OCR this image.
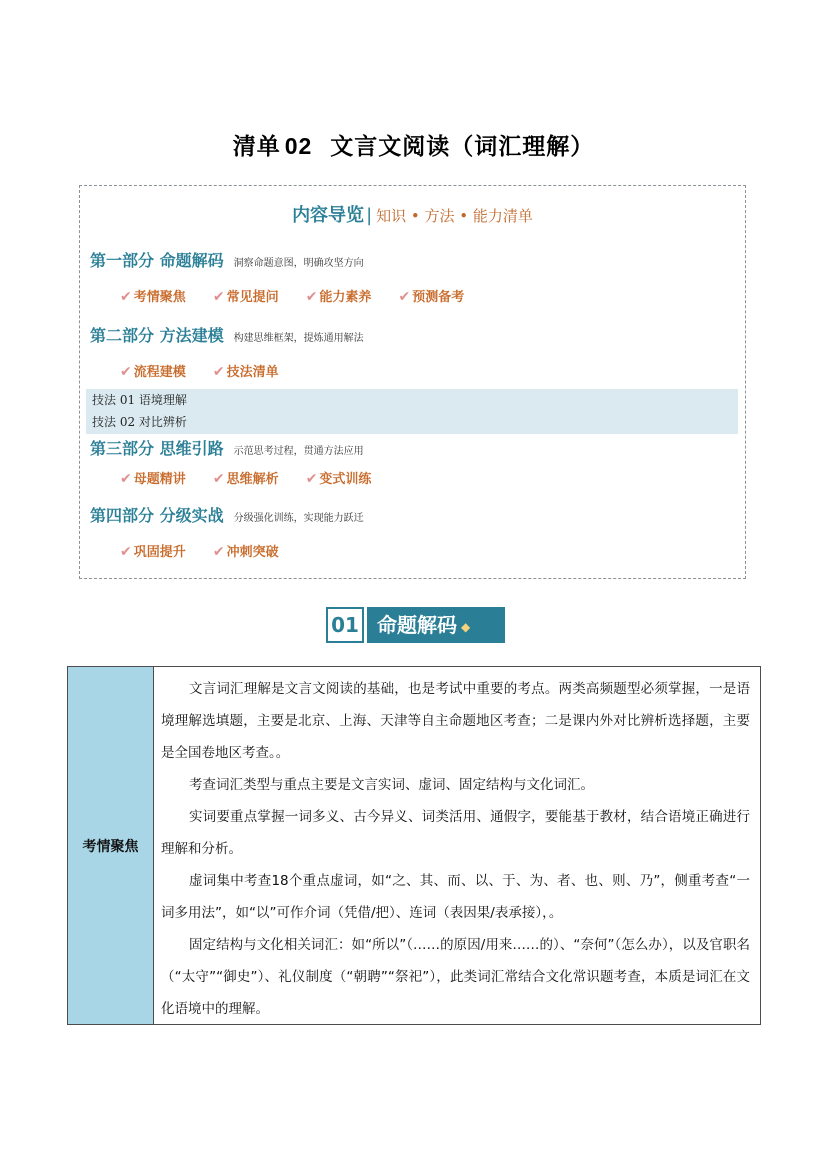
清单 02 文言文阅读（词汇理解）
内容导览 | 知识 • 方法 • 能力清单
第一部分 命题解码 洞察命题意图，明确攻坚方向
✔ 考情聚焦 ✔ 常见提问 ✔ 能力素养 ✔ 预测备考
第二部分 方法建模 构建思维框架，提炼通用解法
✔ 流程建模 ✔ 技法清单
技法 01 语境理解
技法 02 对比辨析
第三部分 思维引路 示范思考过程，贯通方法应用
✔ 母题精讲 ✔ 思维解析 ✔ 变式训练
第四部分 分级实战 分级强化训练，实现能力跃迁
✔ 巩固提升 ✔ 冲刺突破
01 命题解码 ◆
考情聚焦

文言词汇理解是文言文阅读的基础，也是考试中重要的考点。两类高频题型必须掌握，一是语境理解选填题，主要是北京、上海、天津等自主命题地区考查；二是课内外对比辨析选择题，主要是全国卷地区考查。。

考查词汇类型与重点主要是文言实词、虚词、固定结构与文化词汇。

实词要重点掌握一词多义、古今异义、词类活用、通假字，要能基于教材，结合语境正确进行理解和分析。

虚词集中考查18个重点虚词，如“之、其、而、以、于、为、者、也、则、乃”，侧重考查“一词多用法”，如“以”可作介词（凭借/把）、连词（表因果/表承接），。

固定结构与文化相关词汇：如“所以”（……的原因/用来……的）、“奈何”（怎么办），以及官职名（“太守”“御史”）、礼仪制度（“朝聘”“祭祀”），此类词汇常结合文化常识题考查，本质是词汇在文化语境中的理解。
